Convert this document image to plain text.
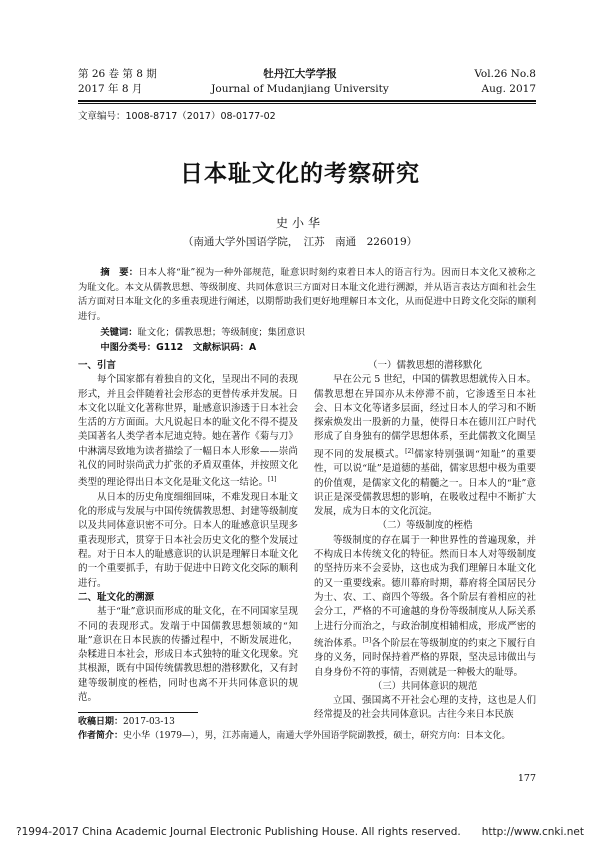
第 26 卷 第 8 期
2017 年 8 月
牡丹江大学学报
Journal of Mudanjiang University
Vol.26 No.8
Aug. 2017
文章编号：1008-8717（2017）08-0177-02
日本耻文化的考察研究
史小华
（南通大学外国语学院，　江苏　南通　226019）
摘　要：日本人将“耻”视为一种外部规范，耻意识时刻约束着日本人的语言行为。因而日本文化又被称之为耻文化。本文从儒教思想、等级制度、共同体意识三方面对日本耻文化进行溯源，并从语言表达方面和社会生活方面对日本耻文化的多重表现进行阐述，以期帮助我们更好地理解日本文化，从而促进中日跨文化交际的顺利进行。
关键词：耻文化；儒教思想；等级制度；集团意识
中图分类号：G112 文献标识码：A

一、引言

每个国家都有着独自的文化，呈现出不同的表现形式，并且会伴随着社会形态的更替传承并发展。日本文化以耻文化著称世界，耻感意识渗透于日本社会生活的方方面面。大凡说起日本的耻文化不得不提及美国著名人类学者本尼迪克特。她在著作《菊与刀》中淋漓尽致地为读者描绘了一幅日本人形象——崇尚礼仪的同时崇尚武力扩张的矛盾双重体，并按照文化类型的理论得出日本文化是耻文化这一结论。[1]

从日本的历史角度细细回味，不难发现日本耻文化的形成与发展与中国传统儒教思想、封建等级制度以及共同体意识密不可分。日本人的耻感意识呈现多重表现形式，贯穿于日本社会历史文化的整个发展过程。对于日本人的耻感意识的认识是理解日本耻文化的一个重要抓手，有助于促进中日跨文化交际的顺利进行。

二、耻文化的溯源

基于“耻”意识而形成的耻文化，在不同国家呈现不同的表现形式。发端于中国儒教思想领域的“知耻”意识在日本民族的传播过程中，不断发展进化，杂糅进日本社会，形成日本式独特的耻文化现象。究其根源，既有中国传统儒教思想的潜移默化，又有封建等级制度的桎梏，同时也离不开共同体意识的规范。

（一）儒教思想的潜移默化

早在公元 5 世纪，中国的儒教思想就传入日本。儒教思想在异国亦从未停滞不前，它渗透至日本社会、日本文化等诸多层面，经过日本人的学习和不断探索焕发出一股新的力量，使得日本在德川江户时代形成了自身独有的儒学思想体系，至此儒教文化圈呈现不同的发展模式。[2]儒家特别强调“知耻”的重要性，可以说“耻”是道德的基础，儒家思想中极为重要的价值观，是儒家文化的精髓之一。日本人的“耻”意识正是深受儒教思想的影响，在吸收过程中不断扩大发展，成为日本的文化沉淀。

（二）等级制度的桎梏

等级制度的存在属于一种世界性的普遍现象，并不构成日本传统文化的特征。然而日本人对等级制度的坚持历来不会妥协，这也成为我们理解日本耻文化的又一重要线索。德川幕府时期，幕府将全国居民分为士、农、工、商四个等级。各个阶层有着相应的社会分工，严格的不可逾越的身份等级制度从人际关系上进行分而治之，与政治制度相辅相成，形成严密的统治体系。[3]各个阶层在等级制度的约束之下履行自身的义务，同时保持着严格的界限，坚决忌讳做出与自身身份不符的事情，否则就是一种极大的耻辱。

（三）共同体意识的规范

立国、强国离不开社会心理的支持，这也是人们经常提及的社会共同体意识。古往今来日本民族

收稿日期：2017-03-13
作者简介：史小华（1979—），男，江苏南通人，南通大学外国语学院副教授，硕士，研究方向：日本文化。
177
?1994-2017 China Academic Journal Electronic Publishing House. All rights reserved.　　http://www.cnki.net
